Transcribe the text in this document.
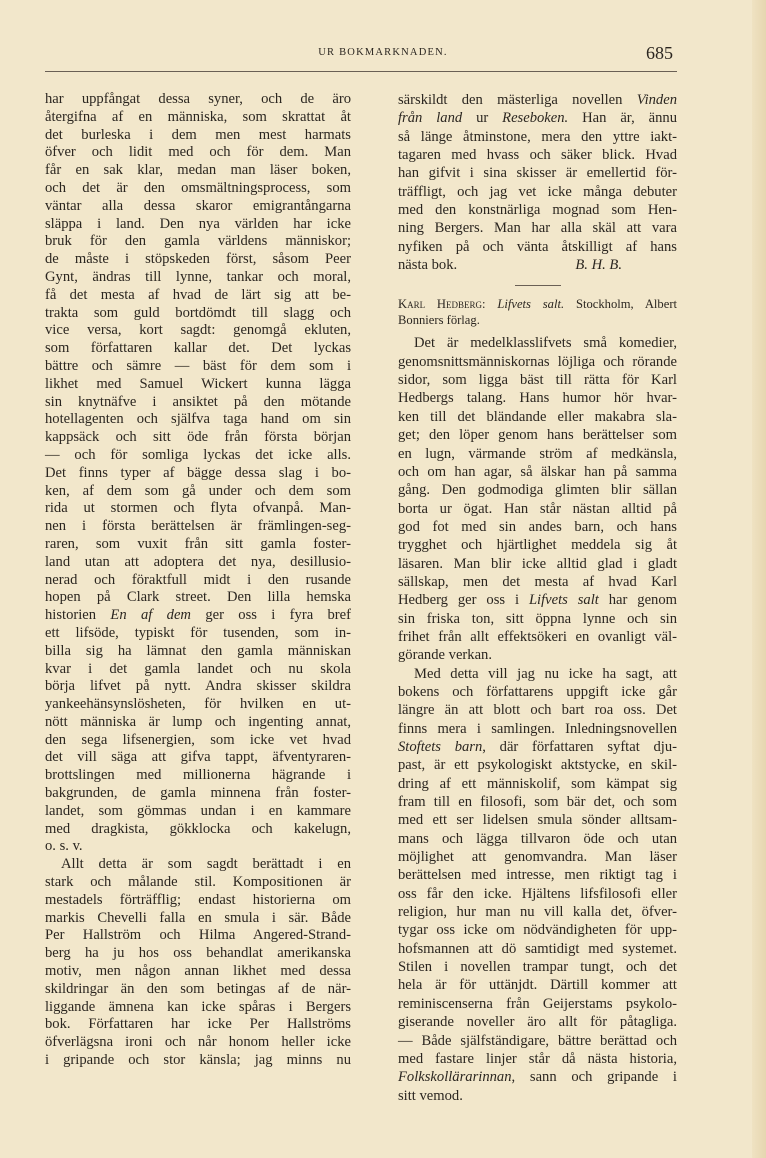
UR BOKMARKNADEN.	685
har uppfångat dessa syner, och de äro
återgifna af en människa, som skrattat åt
det burleska i dem men mest harmats
öfver och lidit med och för dem. Man
får en sak klar, medan man läser boken,
och det är den omsmältningsprocess, som
väntar alla dessa skaror emigrantångarna
släppa i land. Den nya världen har icke
bruk för den gamla världens människor;
de måste i stöpskeden först, såsom Peer
Gynt, ändras till lynne, tankar och moral,
få det mesta af hvad de lärt sig att be-
trakta som guld bortdömdt till slagg och
vice versa, kort sagdt: genomgå ekluten,
som författaren kallar det. Det lyckas
bättre och sämre — bäst för dem som i
likhet med Samuel Wickert kunna lägga
sin knytnäfve i ansiktet på den mötande
hotellagenten och själfva taga hand om sin
kappsäck och sitt öde från första början
— och för somliga lyckas det icke alls.
Det finns typer af bägge dessa slag i bo-
ken, af dem som gå under och dem som
rida ut stormen och flyta ofvanpå. Man-
nen i första berättelsen är främlingen-seg-
raren, som vuxit från sitt gamla foster-
land utan att adoptera det nya, desillusio-
nerad och föraktfull midt i den rusande
hopen på Clark street. Den lilla hemska
historien En af dem ger oss i fyra bref
ett lifsöde, typiskt för tusenden, som in-
billa sig ha lämnat den gamla människan
kvar i det gamla landet och nu skola
börja lifvet på nytt. Andra skisser skildra
yankeehänsynslösheten, för hvilken en ut-
nött människa är lump och ingenting annat,
den sega lifsenergien, som icke vet hvad
det vill säga att gifva tappt, äfventyraren-
brottslingen med millionerna hägrande i
bakgrunden, de gamla minnena från foster-
landet, som gömmas undan i en kammare
med dragkista, gökklocka och kakelugn,
o. s. v.
Allt detta är som sagdt berättadt i en
stark och målande stil. Kompositionen är
mestadels förträfflig; endast historierna om
markis Chevelli falla en smula i sär. Både
Per Hallström och Hilma Angered-Strand-
berg ha ju hos oss behandlat amerikanska
motiv, men någon annan likhet med dessa
skildringar än den som betingas af de när-
liggande ämnena kan icke spåras i Bergers
bok. Författaren har icke Per Hallströms
öfverlägsna ironi och når honom heller icke
i gripande och stor känsla; jag minns nu
särskildt den mästerliga novellen Vinden
från land ur Reseboken. Han är, ännu
så länge åtminstone, mera den yttre iakt-
tagaren med hvass och säker blick. Hvad
han gifvit i sina skisser är emellertid för-
träffligt, och jag vet icke många debuter
med den konstnärliga mognad som Hen-
ning Bergers. Man har alla skäl att vara
nyfiken på och vänta åtskilligt af hans
nästa bok.	B. H. B.
Karl Hedberg: Lifvets salt. Stockholm, Albert
Bonniers förlag.
Det är medelklasslifvets små komedier,
genomsnittsmänniskornas löjliga och rörande
sidor, som ligga bäst till rätta för Karl
Hedbergs talang. Hans humor hör hvar-
ken till det bländande eller makabra sla-
get; den löper genom hans berättelser som
en lugn, värmande ström af medkänsla,
och om han agar, så älskar han på samma
gång. Den godmodiga glimten blir sällan
borta ur ögat. Han står nästan alltid på
god fot med sin andes barn, och hans
trygghet och hjärtlighet meddela sig åt
läsaren. Man blir icke alltid glad i gladt
sällskap, men det mesta af hvad Karl
Hedberg ger oss i Lifvets salt har genom
sin friska ton, sitt öppna lynne och sin
frihet från allt effektsökeri en ovanligt väl-
görande verkan.
Med detta vill jag nu icke ha sagt, att
bokens och författarens uppgift icke går
längre än att blott och bart roa oss. Det
finns mera i samlingen. Inledningsnovellen
Stoftets barn, där författaren syftat dju-
past, är ett psykologiskt aktstycke, en skil-
dring af ett människolif, som kämpat sig
fram till en filosofi, som bär det, och som
med ett ser lidelsen smula sönder alltsam-
mans och lägga tillvaron öde och utan
möjlighet att genomvandra. Man läser
berättelsen med intresse, men riktigt tag i
oss får den icke. Hjältens lifsfilosofi eller
religion, hur man nu vill kalla det, öfver-
tygar oss icke om nödvändigheten för upp-
hofsmannen att dö samtidigt med systemet.
Stilen i novellen trampar tungt, och det
hela är för uttänjdt. Därtill kommer att
reminiscenserna från Geijerstams psykolo-
giserande noveller äro allt för påtagliga.
— Både själfständigare, bättre berättad och
med fastare linjer står då nästa historia,
Folkskollärarinnan, sann och gripande i
sitt vemod.
